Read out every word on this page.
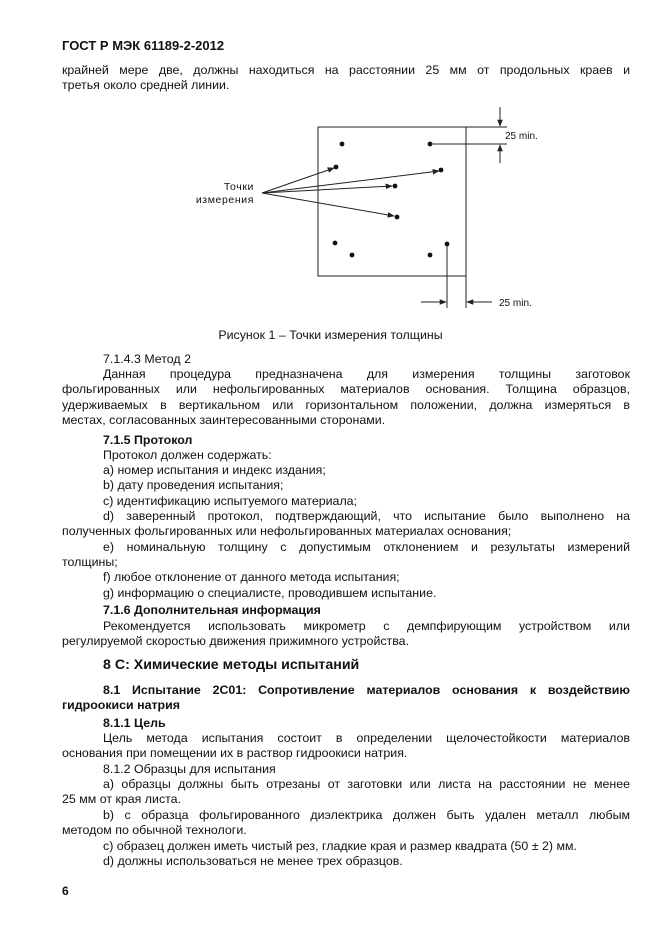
ГОСТ Р МЭК 61189-2-2012
крайней мере две, должны находиться на расстоянии 25 мм от продольных краев и
третья около средней линии.
Точки
измерения
25 min.
25 min.
Рисунок 1 – Точки измерения толщины
7.1.4.3 Метод 2
Данная процедура предназначена для измерения толщины заготовок
фольгированных или нефольгированных материалов основания. Толщина образцов,
удерживаемых в вертикальном или горизонтальном положении, должна измеряться в
местах, согласованных заинтересованными сторонами.
7.1.5 Протокол
Протокол должен содержать:
а) номер испытания и индекс издания;
b) дату проведения испытания;
с) идентификацию испытуемого материала;
d) заверенный протокол, подтверждающий, что испытание было выполнено на
полученных фольгированных или нефольгированных материалах основания;
е) номинальную толщину с допустимым отклонением и результаты измерений
толщины;
f) любое отклонение от данного метода испытания;
g) информацию о специалисте, проводившем испытание.
7.1.6 Дополнительная информация
Рекомендуется использовать микрометр с демпфирующим устройством или
регулируемой скоростью движения прижимного устройства.
8 С: Химические методы испытаний
8.1 Испытание 2С01: Сопротивление материалов основания к воздействию
гидроокиси натрия
8.1.1 Цель
Цель метода испытания состоит в определении щелочестойкости материалов
основания при помещении их в раствор гидроокиси натрия.
8.1.2 Образцы для испытания
а) образцы должны быть отрезаны от заготовки или листа на расстоянии не менее
25 мм от края листа.
b) с образца фольгированного диэлектрика должен быть удален металл любым
методом по обычной технологи.
с) образец должен иметь чистый рез, гладкие края и размер квадрата (50 ± 2) мм.
d) должны использоваться не менее трех образцов.
6
